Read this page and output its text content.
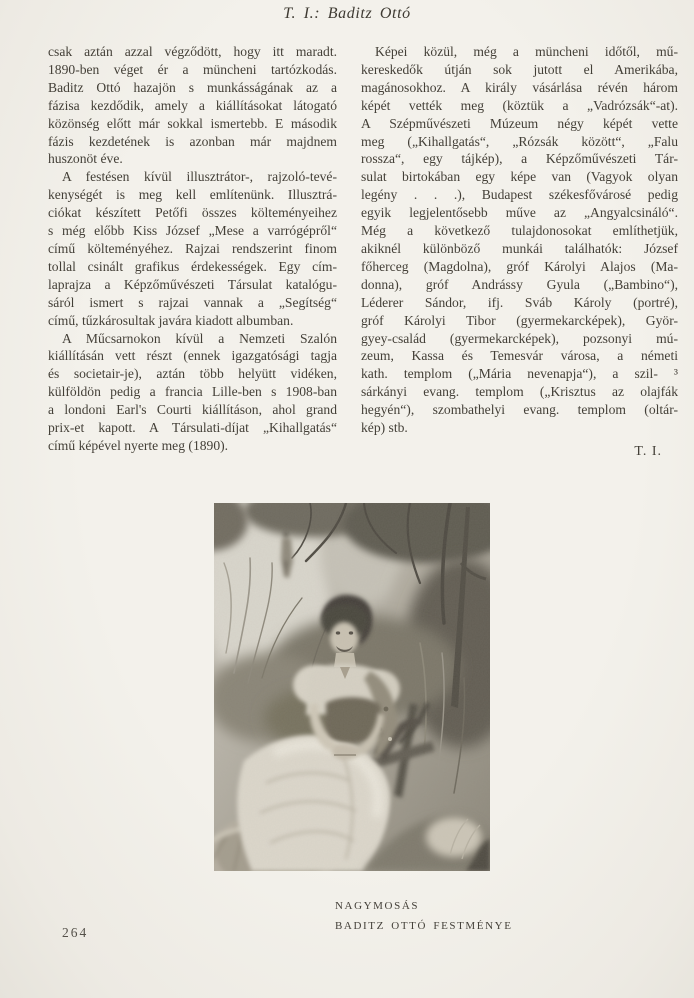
T. I.: Baditz Ottó
csak aztán azzal végződött, hogy itt maradt.
1890-ben véget ér a müncheni tartózkodás.
Baditz Ottó hazajön s munkásságának az a
fázisa kezdődik, amely a kiállításokat látogató
közönség előtt már sokkal ismertebb. E második
fázis kezdetének is azonban már majdnem
huszonöt éve.
A festésen kívül illusztrátor-, rajzoló-tevé-
kenységét is meg kell említenünk. Illusztrá-
ciókat készített Petőfi összes költeményeihez
s még előbb Kiss József „Mese a varrógépről“
című költeményéhez. Rajzai rendszerint finom
tollal csinált grafikus érdekességek. Egy cím-
laprajza a Képzőművészeti Társulat katalógu-
sáról ismert s rajzai vannak a „Segítség“
című, tűzkárosultak javára kiadott albumban.
A Műcsarnokon kívül a Nemzeti Szalón
kiállításán vett részt (ennek igazgatósági tagja
és societair-je), aztán több helyütt vidéken,
külföldön pedig a francia Lille-ben s 1908-ban
a londoni Earl's Courti kiállításon, ahol grand
prix-et kapott. A Társulati-díjat „Kihallgatás“
című képével nyerte meg (1890).
Képei közül, még a müncheni időtől, mű-
kereskedők útján sok jutott el Amerikába,
magánosokhoz. A király vásárlása révén három
képét vették meg (köztük a „Vadrózsák“-at).
A Szépművészeti Múzeum négy képét vette
meg („Kihallgatás“, „Rózsák között“, „Falu
rossza“, egy tájkép), a Képzőművészeti Tár-
sulat birtokában egy képe van (Vagyok olyan
legény . . .), Budapest székesfővárosé pedig
egyik legjelentősebb műve az „Angyalcsináló“.
Még a következő tulajdonosokat említhetjük,
akiknél különböző munkái találhatók: József
főherceg (Magdolna), gróf Károlyi Alajos (Ma-
donna), gróf Andrássy Gyula („Bambino“),
Léderer Sándor, ifj. Sváb Károly (portré),
gróf Károlyi Tibor (gyermekarcképek), Györ-
gyey-család (gyermekarcképek), pozsonyi mú-
zeum, Kassa és Temesvár városa, a németi
kath. templom („Mária nevenapja“), a szil- ³
sárkányi evang. templom („Krisztus az olajfák
hegyén“), szombathelyi evang. templom (oltár-
kép) stb.
T. I.
NAGYMOSÁS
BADITZ OTTÓ FESTMÉNYE
264
